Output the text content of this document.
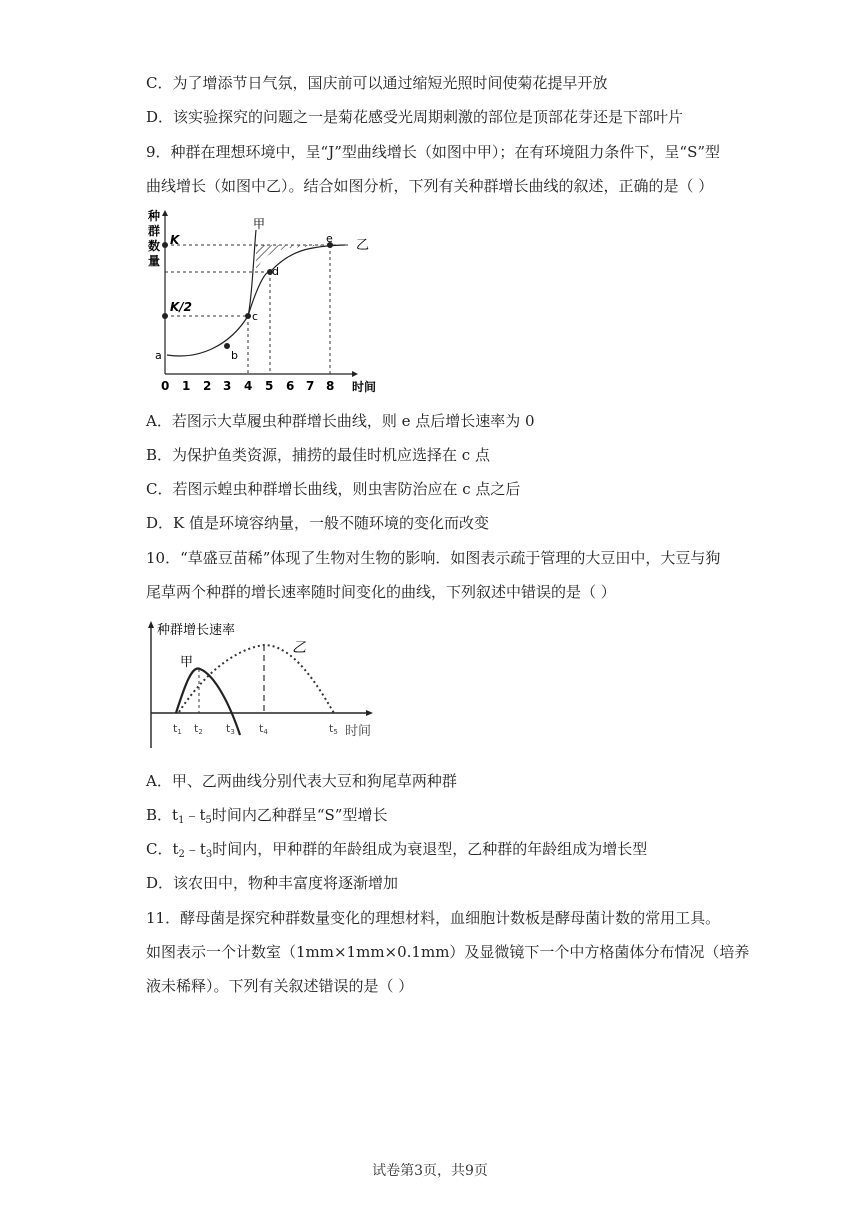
C．为了增添节日气氛，国庆前可以通过缩短光照时间使菊花提早开放
D．该实验探究的问题之一是菊花感受光周期刺激的部位是顶部花芽还是下部叶片
9．种群在理想环境中，呈“J”型曲线增长（如图中甲）；在有环境阻力条件下，呈“S”型
曲线增长（如图中乙）。结合如图分析，下列有关种群增长曲线的叙述，正确的是（ ）
种
群
数
量
K
K/2
甲
乙
a	b
c
d
e
0 1 2 3 4 5 6 7 8 时间
A．若图示大草履虫种群增长曲线，则 e 点后增长速率为 0
B．为保护鱼类资源，捕捞的最佳时机应选择在 c 点
C．若图示蝗虫种群增长曲线，则虫害防治应在 c 点之后
D．K 值是环境容纳量，一般不随环境的变化而改变
10．“草盛豆苗稀”体现了生物对生物的影响．如图表示疏于管理的大豆田中，大豆与狗
尾草两个种群的增长速率随时间变化的曲线，下列叙述中错误的是（ ）
种群增长速率
甲
乙
t1 t2 t3 t4	t5 时间
A．甲、乙两曲线分别代表大豆和狗尾草两种群
B．$t_1﹣t_5$时间内乙种群呈“S”型增长
C．$t_2﹣t_3$时间内，甲种群的年龄组成为衰退型，乙种群的年龄组成为增长型
D．该农田中，物种丰富度将逐渐增加
11．酵母菌是探究种群数量变化的理想材料，血细胞计数板是酵母菌计数的常用工具。
如图表示一个计数室（1mm×1mm×0.1mm）及显微镜下一个中方格菌体分布情况（培养
液未稀释）。下列有关叙述错误的是（ ）
试卷第3页，共9页
